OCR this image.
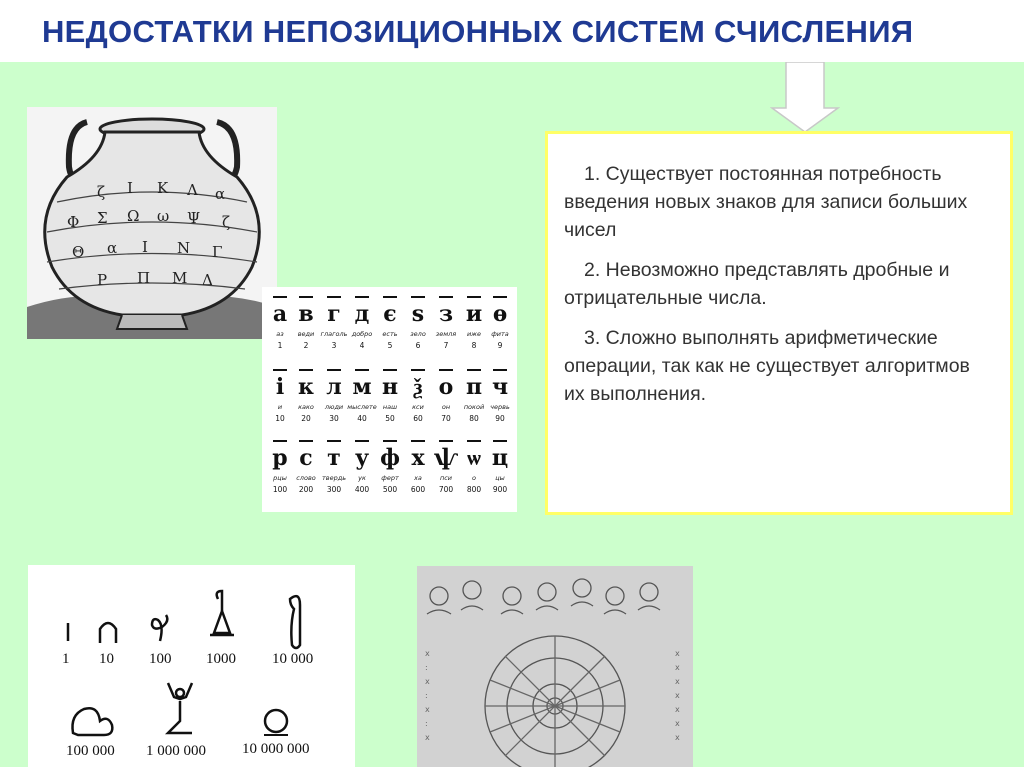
НЕДОСТАТКИ НЕПОЗИЦИОННЫХ СИСТЕМ СЧИСЛЕНИЯ
ζ Ι Κ Λ α
Φ Σ Ω ω Ψ ζ
Θ α Ι Ν Γ
Ρ Π Μ Δ
а
аз
1
в
веди
2
г
глаголь
3
д
добро
4
є
есть
5
ѕ
зело
6
з
земля
7
и
иже
8
ѳ
фита
9
і
и
10
к
како
20
л
люди
30
м
мыслете
40
н
наш
50
ѯ
кси
60
о
он
70
п
покой
80
ч
червь
90
р
рцы
100
с
слово
200
т
твердь
300
у
ук
400
ф
ферт
500
х
ха
600
ѱ
пси
700
ѡ
о
800
ц
цы
900

1. Существует постоянная потребность введения новых знаков для записи больших чисел

2. Невозможно представлять дробные и отрицательные числа.

3. Сложно выполнять арифметические операции, так как не существует алгоритмов их выполнения.

1 10 100 1000 10 000
100 000 1 000 000 10 000 000
x
:
x
:
x
:
x
x
x
x
x
x
x
x
